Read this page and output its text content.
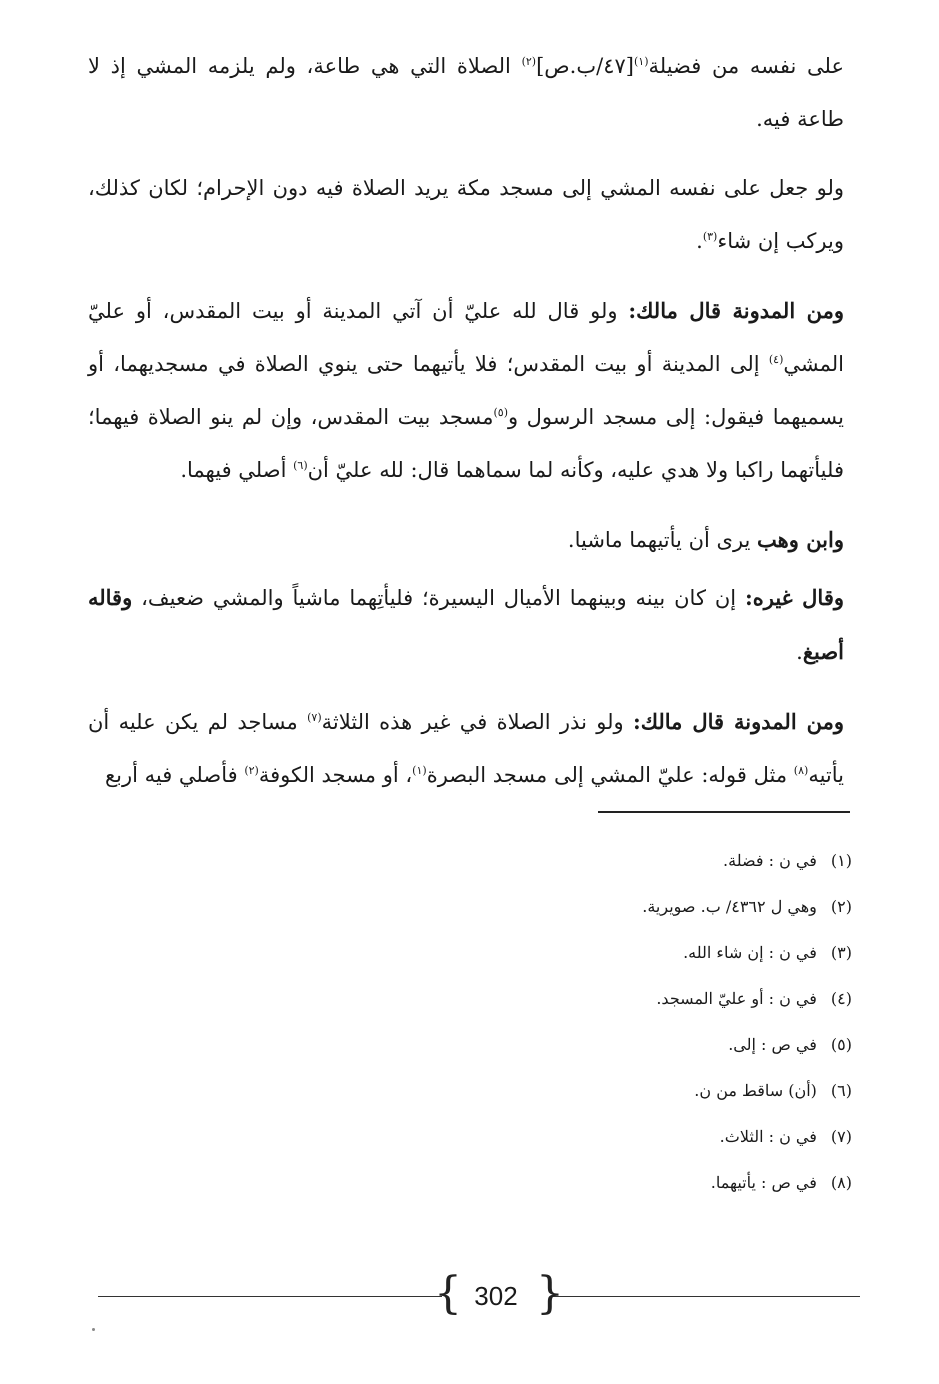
على نفسه من فضيلة$^{(١)}$[٤٧/ب.ص]$^{(٢)}$ الصلاة التي هي طاعة، ولم يلزمه المشي إذ لا طاعة فيه.

ولو جعل على نفسه المشي إلى مسجد مكة يريد الصلاة فيه دون الإحرام؛ لكان كذلك، ويركب إن شاء$^{(٣)}$.

ومن المدونة قال مالك: ولو قال لله عليّ أن آتي المدينة أو بيت المقدس، أو عليّ المشي$^{(٤)}$ إلى المدينة أو بيت المقدس؛ فلا يأتيهما حتى ينوي الصلاة في مسجديهما، أو يسميهما فيقول: إلى مسجد الرسول و$^{(٥)}$مسجد بيت المقدس، وإن لم ينو الصلاة فيهما؛ فليأتهما راكبا ولا هدي عليه، وكأنه لما سماهما قال: لله عليّ أن$^{(٦)}$ أصلي فيهما.

وابن وهب يرى أن يأتيهما ماشيا.

وقال غيره: إن كان بينه وبينهما الأميال اليسيرة؛ فليأتِهما ماشياً والمشي ضعيف، وقاله أصبغ.

ومن المدونة قال مالك: ولو نذر الصلاة في غير هذه الثلاثة$^{(٧)}$ مساجد لم يكن عليه أن يأتيه$^{(٨)}$ مثل قوله: عليّ المشي إلى مسجد البصرة$^{(١)}$، أو مسجد الكوفة$^{(٢)}$ فأصلي فيه أربع

(١) في ن : فضلة.
(٢) وهي ل ٤٣٦٢/ ب. صويرية.
(٣) في ن : إن شاء الله.
(٤) في ن : أو عليّ المسجد.
(٥) في ص : إلى.
(٦) (أن) ساقط من ن.
(٧) في ن : الثلاث.
(٨) في ص : يأتيهما.
{ }
302
